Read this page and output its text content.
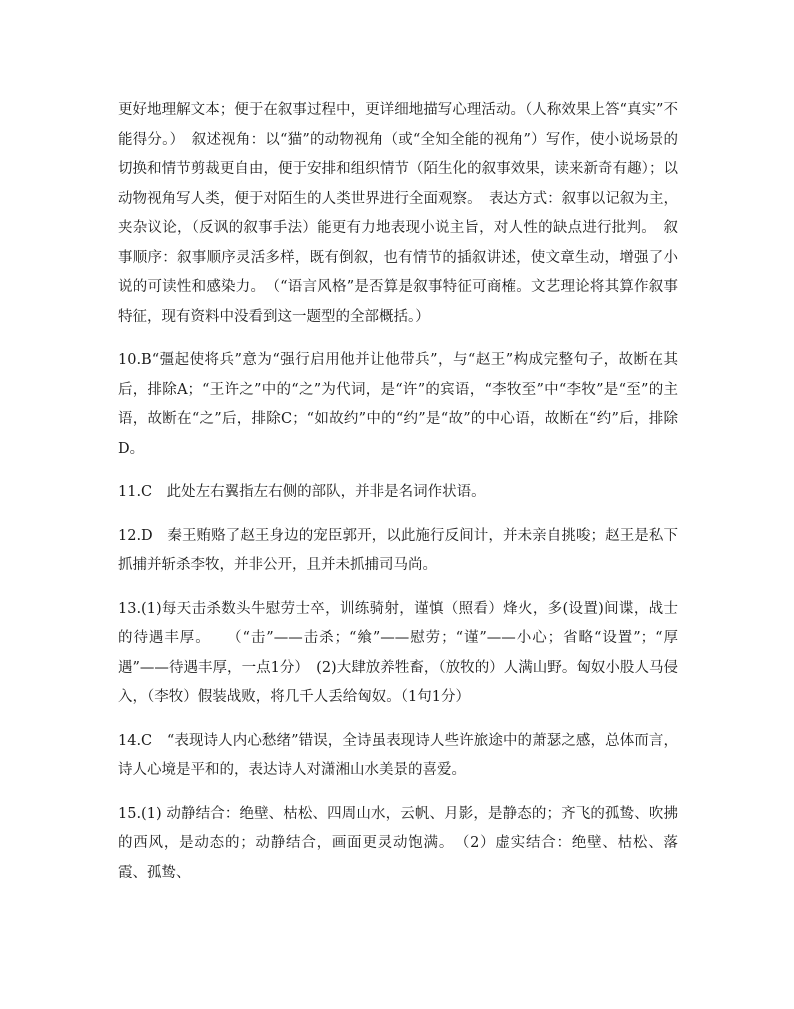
更好地理解文本；便于在叙事过程中，更详细地描写心理活动。（人称效果上答“真实”不能得分。）　叙述视角：以“猫”的动物视角（或“全知全能的视角”）写作，使小说场景的切换和情节剪裁更自由，便于安排和组织情节（陌生化的叙事效果，读来新奇有趣）；以动物视角写人类，便于对陌生的人类世界进行全面观察。　表达方式：叙事以记叙为主，夹杂议论，（反讽的叙事手法）能更有力地表现小说主旨，对人性的缺点进行批判。　叙事顺序：叙事顺序灵活多样，既有倒叙，也有情节的插叙讲述，使文章生动，增强了小说的可读性和感染力。　（“语言风格”是否算是叙事特征可商榷。文艺理论将其算作叙事特征，现有资料中没看到这一题型的全部概括。）

10.B“彊起使将兵”意为“强行启用他并让他带兵”，与“赵王”构成完整句子，故断在其后，排除A；“王许之”中的“之”为代词，是“许”的宾语，“李牧至”中“李牧”是“至”的主语，故断在“之”后，排除C；“如故约”中的“约”是“故”的中心语，故断在“约”后，排除D。

11.C　此处左右翼指左右侧的部队，并非是名词作状语。

12.D　秦王贿赂了赵王身边的宠臣郭开，以此施行反间计，并未亲自挑唆；赵王是私下抓捕并斩杀李牧，并非公开，且并未抓捕司马尚。

13.(1)每天击杀数头牛慰劳士卒，训练骑射，谨慎（照看）烽火，多(设置)间谍，战士的待遇丰厚。　　（“击”——击杀；“飨”——慰劳；“谨”——小心；省略“设置”；“厚遇”——待遇丰厚，一点1分）　(2)大肆放养牲畜，（放牧的）人满山野。匈奴小股人马侵入，（李牧）假装战败，将几千人丢给匈奴。（1句1分）

14.C　“表现诗人内心愁绪”错误，全诗虽表现诗人些许旅途中的萧瑟之感，总体而言，诗人心境是平和的，表达诗人对潇湘山水美景的喜爱。

15.(1) 动静结合：绝壁、枯松、四周山水，云帆、月影，是静态的；齐飞的孤鸷、吹拂的西风，是动态的；动静结合，画面更灵动饱满。　（2）虚实结合：绝壁、枯松、落霞、孤鸷、
